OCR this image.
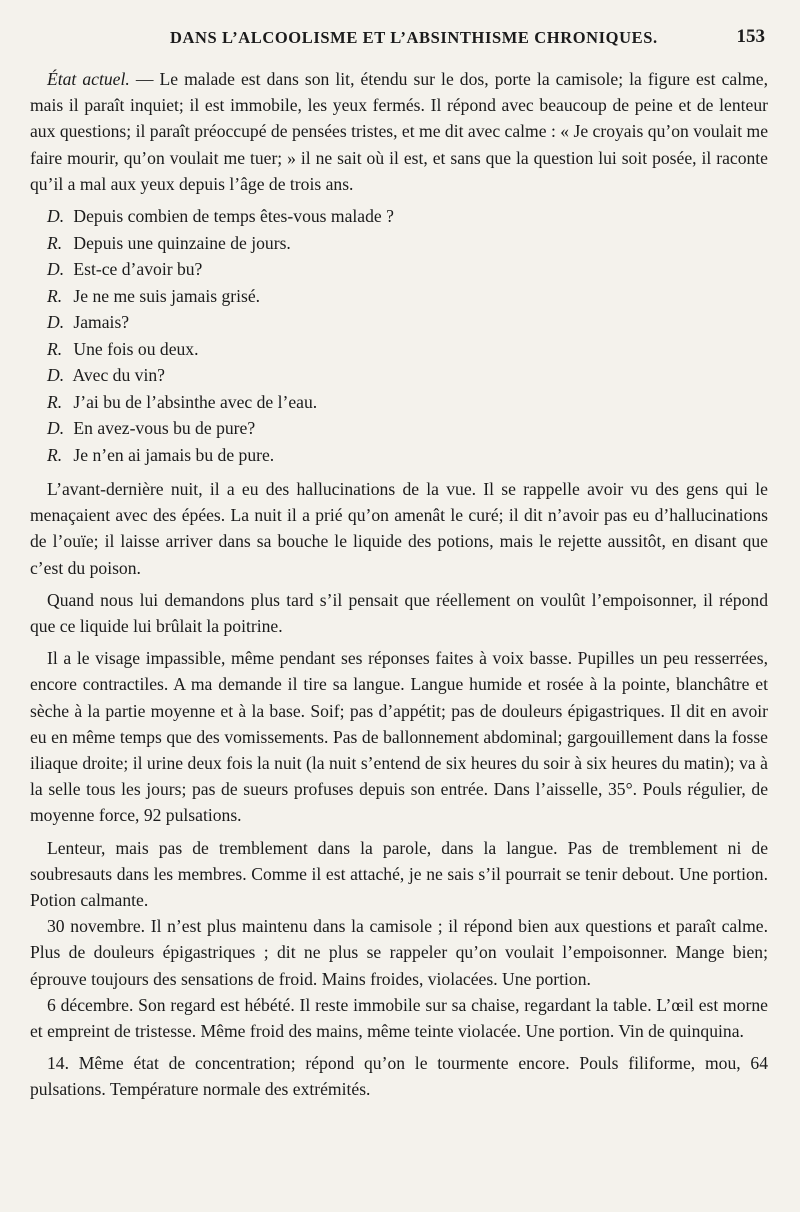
DANS L’ALCOOLISME ET L’ABSINTHISME CHRONIQUES.	153

État actuel. — Le malade est dans son lit, étendu sur le dos, porte la camisole; la figure est calme, mais il paraît inquiet; il est immobile, les yeux fermés. Il répond avec beaucoup de peine et de lenteur aux questions; il paraît préoccupé de pensées tristes, et me dit avec calme : « Je croyais qu’on voulait me faire mourir, qu’on voulait me tuer; » il ne sait où il est, et sans que la question lui soit posée, il raconte qu’il a mal aux yeux depuis l’âge de trois ans.

D. Depuis combien de temps êtes-vous malade ?
R. Depuis une quinzaine de jours.
D. Est-ce d’avoir bu?
R. Je ne me suis jamais grisé.
D. Jamais?
R. Une fois ou deux.
D. Avec du vin?
R. J’ai bu de l’absinthe avec de l’eau.
D. En avez-vous bu de pure?
R. Je n’en ai jamais bu de pure.

L’avant-dernière nuit, il a eu des hallucinations de la vue. Il se rappelle avoir vu des gens qui le menaçaient avec des épées. La nuit il a prié qu’on amenât le curé; il dit n’avoir pas eu d’hallucinations de l’ouïe; il laisse arriver dans sa bouche le liquide des potions, mais le rejette aussitôt, en disant que c’est du poison.

Quand nous lui demandons plus tard s’il pensait que réellement on voulût l’empoisonner, il répond que ce liquide lui brûlait la poitrine.

Il a le visage impassible, même pendant ses réponses faites à voix basse. Pupilles un peu resserrées, encore contractiles. A ma demande il tire sa langue. Langue humide et rosée à la pointe, blanchâtre et sèche à la partie moyenne et à la base. Soif; pas d’appétit; pas de douleurs épigastriques. Il dit en avoir eu en même temps que des vomissements. Pas de ballonnement abdominal; gargouillement dans la fosse iliaque droite; il urine deux fois la nuit (la nuit s’entend de six heures du soir à six heures du matin); va à la selle tous les jours; pas de sueurs profuses depuis son entrée. Dans l’aisselle, 35°. Pouls régulier, de moyenne force, 92 pulsations.

Lenteur, mais pas de tremblement dans la parole, dans la langue. Pas de tremblement ni de soubresauts dans les membres. Comme il est attaché, je ne sais s’il pourrait se tenir debout. Une portion. Potion calmante.

30 novembre. Il n’est plus maintenu dans la camisole ; il répond bien aux questions et paraît calme. Plus de douleurs épigastriques ; dit ne plus se rappeler qu’on voulait l’empoisonner. Mange bien; éprouve toujours des sensations de froid. Mains froides, violacées. Une portion.

6 décembre. Son regard est hébété. Il reste immobile sur sa chaise, regardant la table. L’œil est morne et empreint de tristesse. Même froid des mains, même teinte violacée. Une portion. Vin de quinquina.

14. Même état de concentration; répond qu’on le tourmente encore. Pouls filiforme, mou, 64 pulsations. Température normale des extrémités.
